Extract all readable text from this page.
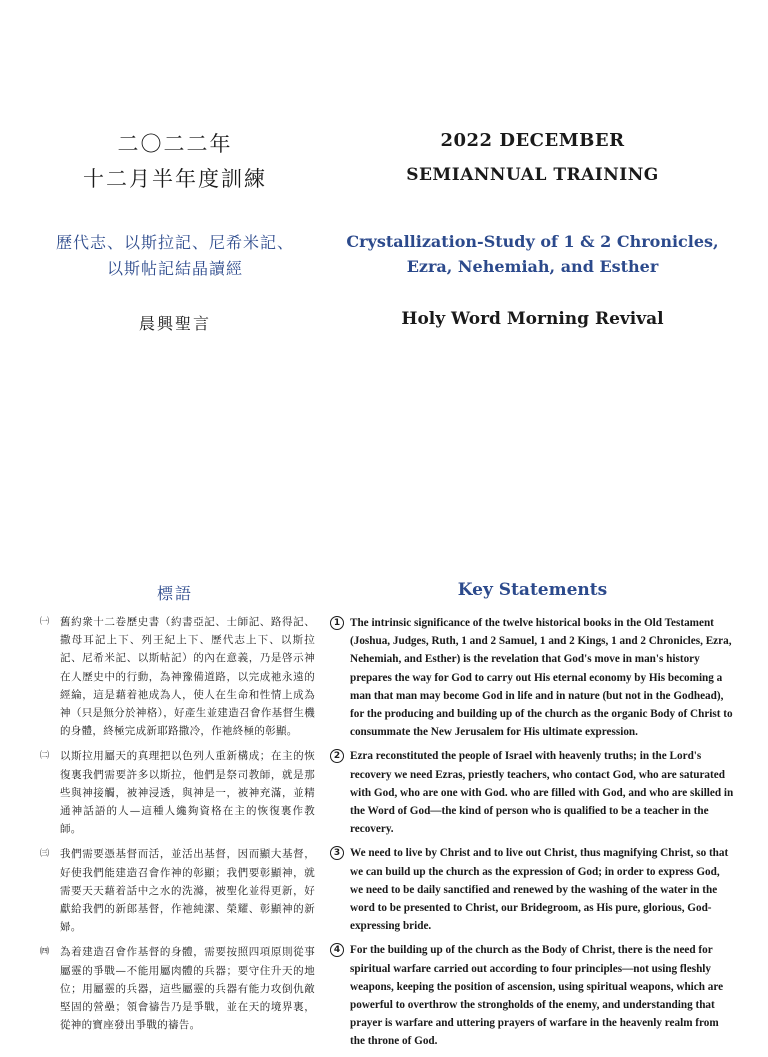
二〇二二年
十二月半年度訓練
歷代志、以斯拉記、尼希米記、
以斯帖記結晶讀經
晨興聖言
標語
㈠ 舊約衆十二卷歷史書（約書亞記、士師記、路得記、撒母耳記上下、列王紀上下、歷代志上下、以斯拉記、尼希米記、以斯帖記）的內在意義，乃是啓示神在人歷史中的行動，為神豫備道路，以完成祂永遠的經綸，這是藉着祂成為人，使人在生命和性情上成為神（只是無分於神格），好產生並建造召會作基督生機的身體，終極完成新耶路撒冷，作祂終極的彰顯。
㈡ 以斯拉用屬天的真理把以色列人重新構成；在主的恢復裏我們需要許多以斯拉，他們是祭司教師，就是那些與神接觸，被神浸透，與神是一，被神充滿，並精通神話語的人—這種人纔夠資格在主的恢復裏作教師。
㈢ 我們需要憑基督而活，並活出基督，因而顯大基督，好使我們能建造召會作神的彰顯；我們要彰顯神，就需要天天藉着話中之水的洗滌，被聖化並得更新，好獻給我們的新郎基督，作祂純潔、榮耀、彰顯神的新婦。
㈣ 為着建造召會作基督的身體，需要按照四項原則從事屬靈的爭戰—不能用屬肉體的兵器；要守住升天的地位；用屬靈的兵器，這些屬靈的兵器有能力攻倒仇敵堅固的營壘；領會禱告乃是爭戰，並在天的境界裏，從神的寶座發出爭戰的禱告。
2022 DECEMBER
SEMIANNUAL TRAINING
Crystallization-Study of 1 & 2 Chronicles,
Ezra, Nehemiah, and Esther
Holy Word Morning Revival
Key Statements
1 The intrinsic significance of the twelve historical books in the Old Testament (Joshua, Judges, Ruth, 1 and 2 Samuel, 1 and 2 Kings, 1 and 2 Chronicles, Ezra, Nehemiah, and Esther) is the revelation that God's move in man's history prepares the way for God to carry out His eternal economy by His becoming a man that man may become God in life and in nature (but not in the Godhead), for the producing and building up of the church as the organic Body of Christ to consummate the New Jerusalem for His ultimate expression.
2 Ezra reconstituted the people of Israel with heavenly truths; in the Lord's recovery we need Ezras, priestly teachers, who contact God, who are saturated with God, who are one with God. who are filled with God, and who are skilled in the Word of God—the kind of person who is qualified to be a teacher in the recovery.
3 We need to live by Christ and to live out Christ, thus magnifying Christ, so that we can build up the church as the expression of God; in order to express God, we need to be daily sanctified and renewed by the washing of the water in the word to be presented to Christ, our Bridegroom, as His pure, glorious, God-expressing bride.
4 For the building up of the church as the Body of Christ, there is the need for spiritual warfare carried out according to four principles—not using fleshly weapons, keeping the position of ascension, using spiritual weapons, which are powerful to overthrow the strongholds of the enemy, and understanding that prayer is warfare and uttering prayers of warfare in the heavenly realm from the throne of God.
